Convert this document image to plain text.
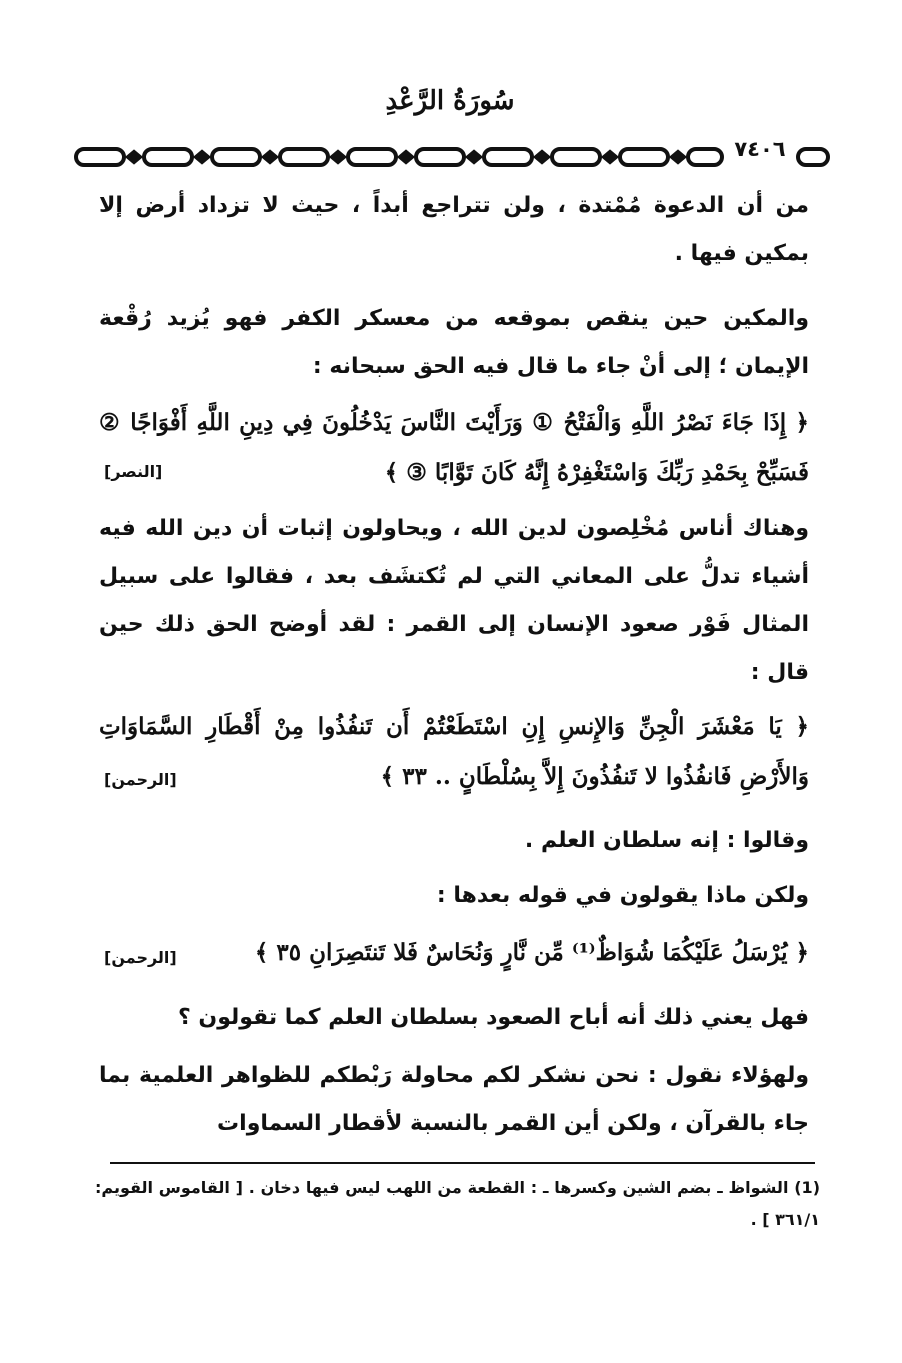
سُورَةُ الرَّعْدِ
٧٤٠٦
من أن الدعوة مُمْتدة ، ولن تتراجع أبداً ، حيث لا تزداد أرض إلا بمكين فيها .
والمكين حين ينقص بموقعه من معسكر الكفر فهو يُزيد رُقْعة الإيمان ؛ إلى أنْ جاء ما قال فيه الحق سبحانه :
﴿ إِذَا جَاءَ نَصْرُ اللَّهِ وَالْفَتْحُ ① وَرَأَيْتَ النَّاسَ يَدْخُلُونَ فِي دِينِ اللَّهِ أَفْوَاجًا ② فَسَبِّحْ بِحَمْدِ رَبِّكَ وَاسْتَغْفِرْهُ إِنَّهُ كَانَ تَوَّابًا ③ ﴾
[النصر]
وهناك أناس مُخْلِصون لدين الله ، ويحاولون إثبات أن دين الله فيه أشياء تدلُّ على المعاني التي لم تُكتشَف بعد ، فقالوا على سبيل المثال فَوْر صعود الإنسان إلى القمر : لقد أوضح الحق ذلك حين قال :
﴿ يَا مَعْشَرَ الْجِنِّ وَالإِنسِ إِنِ اسْتَطَعْتُمْ أَن تَنفُذُوا مِنْ أَقْطَارِ السَّمَاوَاتِ وَالأَرْضِ فَانفُذُوا لا تَنفُذُونَ إِلاَّ بِسُلْطَانٍ .. ٣٣ ﴾
[الرحمن]
وقالوا : إنه سلطان العلم .
ولكن ماذا يقولون في قوله بعدها :
﴿ يُرْسَلُ عَلَيْكُمَا شُوَاظٌ⁽¹⁾ مِّن نَّارٍ وَنُحَاسٌ فَلا تَنتَصِرَانِ ٣٥ ﴾
[الرحمن]
فهل يعني ذلك أنه أباح الصعود بسلطان العلم كما تقولون ؟
ولهؤلاء نقول : نحن نشكر لكم محاولة رَبْطكم للظواهر العلمية بما جاء بالقرآن ، ولكن أين القمر بالنسبة لأقطار السماوات
(1) الشواظ ـ بضم الشين وكسرها ـ : القطعة من اللهب ليس فيها دخان . [ القاموس القويم: ٣٦١/١ ] .
